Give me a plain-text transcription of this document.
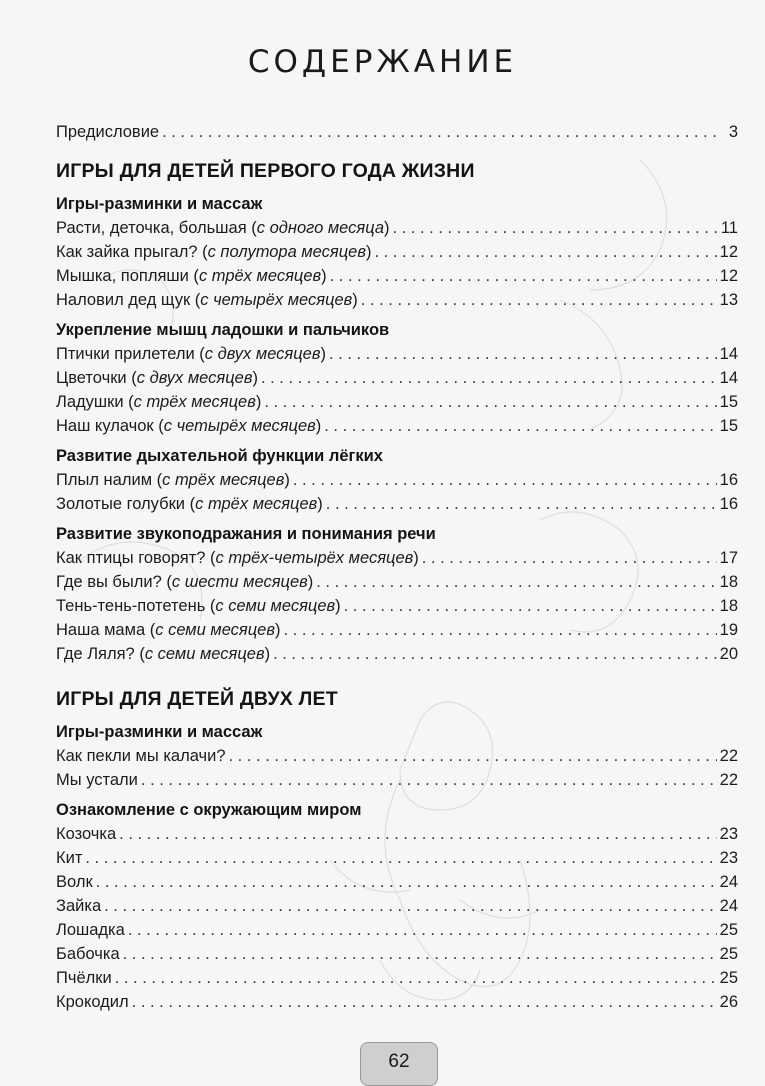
СОДЕРЖАНИЕ
Предисловие . . .	3
ИГРЫ ДЛЯ ДЕТЕЙ ПЕРВОГО ГОДА ЖИЗНИ
Игры-разминки и массаж
Расти, деточка, большая (с одного месяца) . . .	11
Как зайка прыгал? (с полутора месяцев) . . .	12
Мышка, попляши (с трёх месяцев) . . .	12
Наловил дед щук (с четырёх месяцев) . . .	13
Укрепление мышц ладошки и пальчиков
Птички прилетели (с двух месяцев) . . .	14
Цветочки (с двух месяцев) . . .	14
Ладушки (с трёх месяцев) . . .	15
Наш кулачок (с четырёх месяцев) . . .	15
Развитие дыхательной функции лёгких
Плыл налим (с трёх месяцев) . . .	16
Золотые голубки (с трёх месяцев) . . .	16
Развитие звукоподражания и понимания речи
Как птицы говорят? (с трёх-четырёх месяцев) . . .	17
Где вы были? (с шести месяцев) . . .	18
Тень-тень-потетень (с семи месяцев) . . .	18
Наша мама (с семи месяцев) . . .	19
Где Ляля? (с семи месяцев) . . .	20
ИГРЫ ДЛЯ ДЕТЕЙ ДВУХ ЛЕТ
Игры-разминки и массаж
Как пекли мы калачи? . . .	22
Мы устали . . .	22
Ознакомление с окружающим миром
Козочка . . .	23
Кит . . .	23
Волк . . .	24
Зайка . . .	24
Лошадка . . .	25
Бабочка . . .	25
Пчёлки . . .	25
Крокодил . . .	26
62
